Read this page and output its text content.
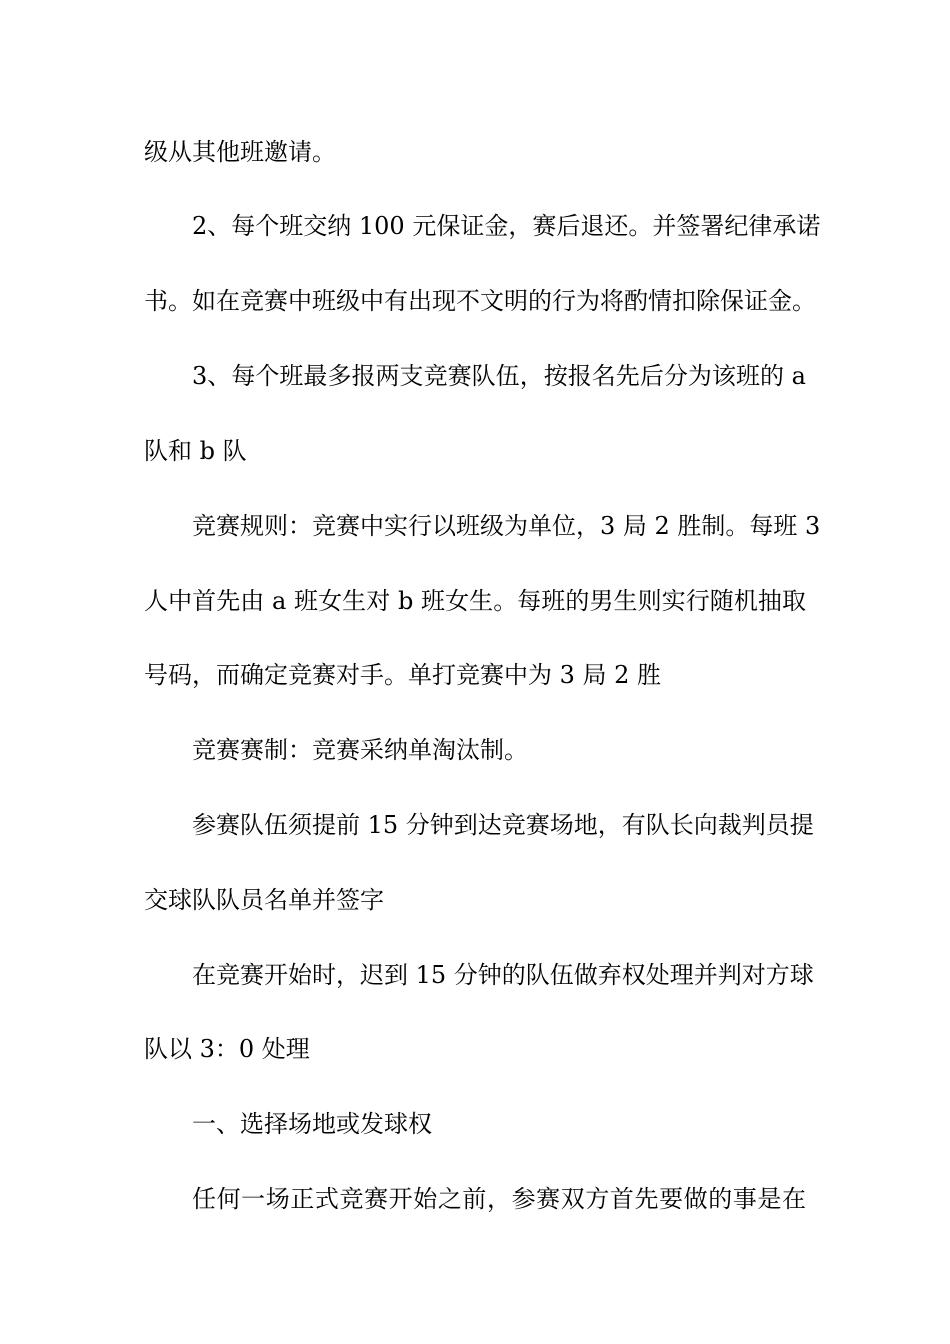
级从其他班邀请。
2、每个班交纳 100 元保证金，赛后退还。并签署纪律承诺
书。如在竞赛中班级中有出现不文明的行为将酌情扣除保证金。
3、每个班最多报两支竞赛队伍，按报名先后分为该班的 a
队和 b 队
竞赛规则：竞赛中实行以班级为单位，3 局 2 胜制。每班 3
人中首先由 a 班女生对 b 班女生。每班的男生则实行随机抽取
号码，而确定竞赛对手。单打竞赛中为 3 局 2 胜
竞赛赛制：竞赛采纳单淘汰制。
参赛队伍须提前 15 分钟到达竞赛场地，有队长向裁判员提
交球队队员名单并签字
在竞赛开始时，迟到 15 分钟的队伍做弃权处理并判对方球
队以 3：0 处理
一、选择场地或发球权
任何一场正式竞赛开始之前，参赛双方首先要做的事是在
